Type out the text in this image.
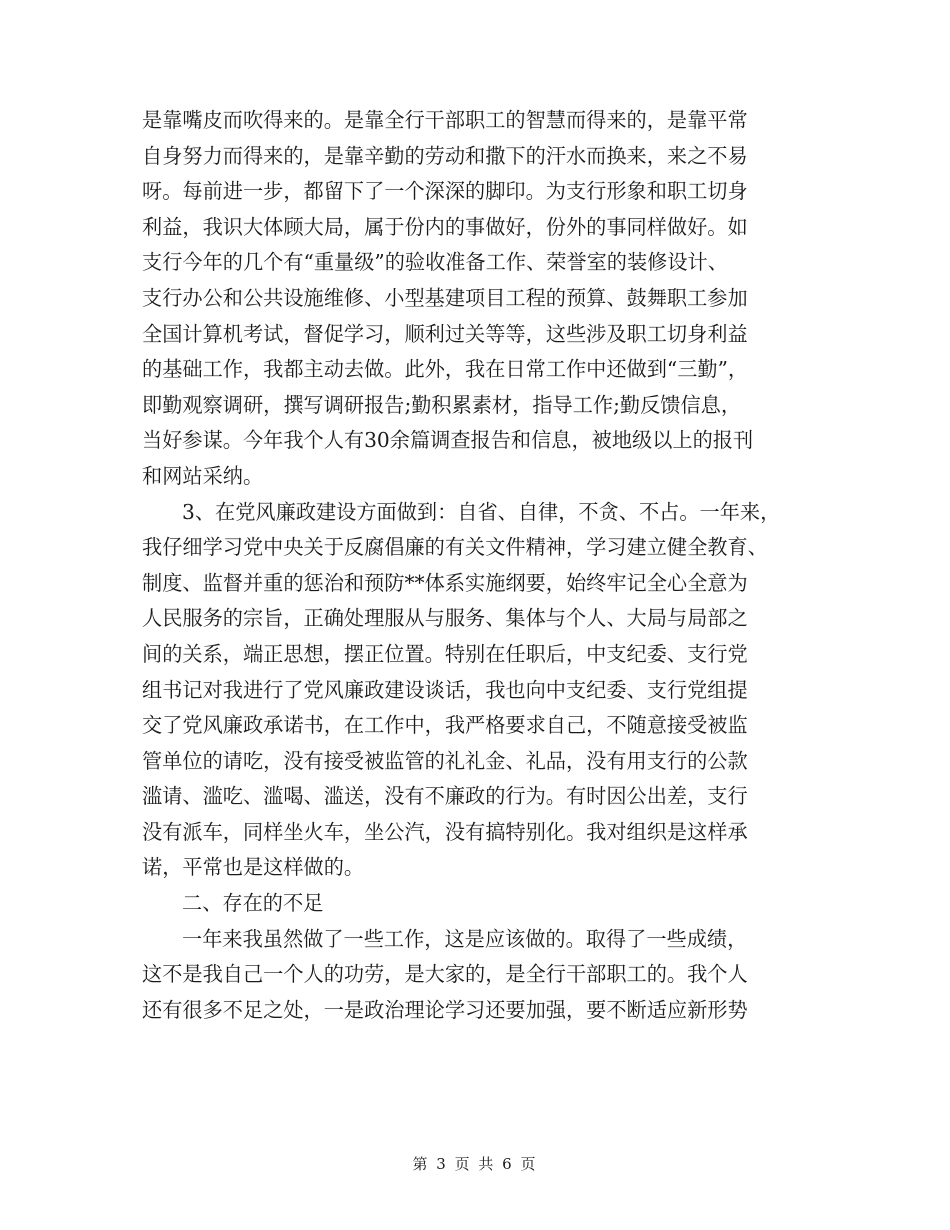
是靠嘴皮而吹得来的。是靠全行干部职工的智慧而得来的，是靠平常
自身努力而得来的，是靠辛勤的劳动和撒下的汗水而换来，来之不易
呀。每前进一步，都留下了一个深深的脚印。为支行形象和职工切身
利益，我识大体顾大局，属于份内的事做好，份外的事同样做好。如
支行今年的几个有“重量级”的验收准备工作、荣誉室的装修设计、
支行办公和公共设施维修、小型基建项目工程的预算、鼓舞职工参加
全国计算机考试，督促学习，顺利过关等等，这些涉及职工切身利益
的基础工作，我都主动去做。此外，我在日常工作中还做到“三勤”，
即勤观察调研，撰写调研报告;勤积累素材，指导工作;勤反馈信息，
当好参谋。今年我个人有30余篇调查报告和信息，被地级以上的报刊
和网站采纳。
3、在党风廉政建设方面做到：自省、自律，不贪、不占。一年来，
我仔细学习党中央关于反腐倡廉的有关文件精神，学习建立健全教育、
制度、监督并重的惩治和预防**体系实施纲要，始终牢记全心全意为
人民服务的宗旨，正确处理服从与服务、集体与个人、大局与局部之
间的关系，端正思想，摆正位置。特别在任职后，中支纪委、支行党
组书记对我进行了党风廉政建设谈话，我也向中支纪委、支行党组提
交了党风廉政承诺书，在工作中，我严格要求自己，不随意接受被监
管单位的请吃，没有接受被监管的礼礼金、礼品，没有用支行的公款
滥请、滥吃、滥喝、滥送，没有不廉政的行为。有时因公出差，支行
没有派车，同样坐火车，坐公汽，没有搞特别化。我对组织是这样承
诺，平常也是这样做的。
二、存在的不足
一年来我虽然做了一些工作，这是应该做的。取得了一些成绩，
这不是我自己一个人的功劳，是大家的，是全行干部职工的。我个人
还有很多不足之处，一是政治理论学习还要加强，要不断适应新形势
第 3 页 共 6 页
